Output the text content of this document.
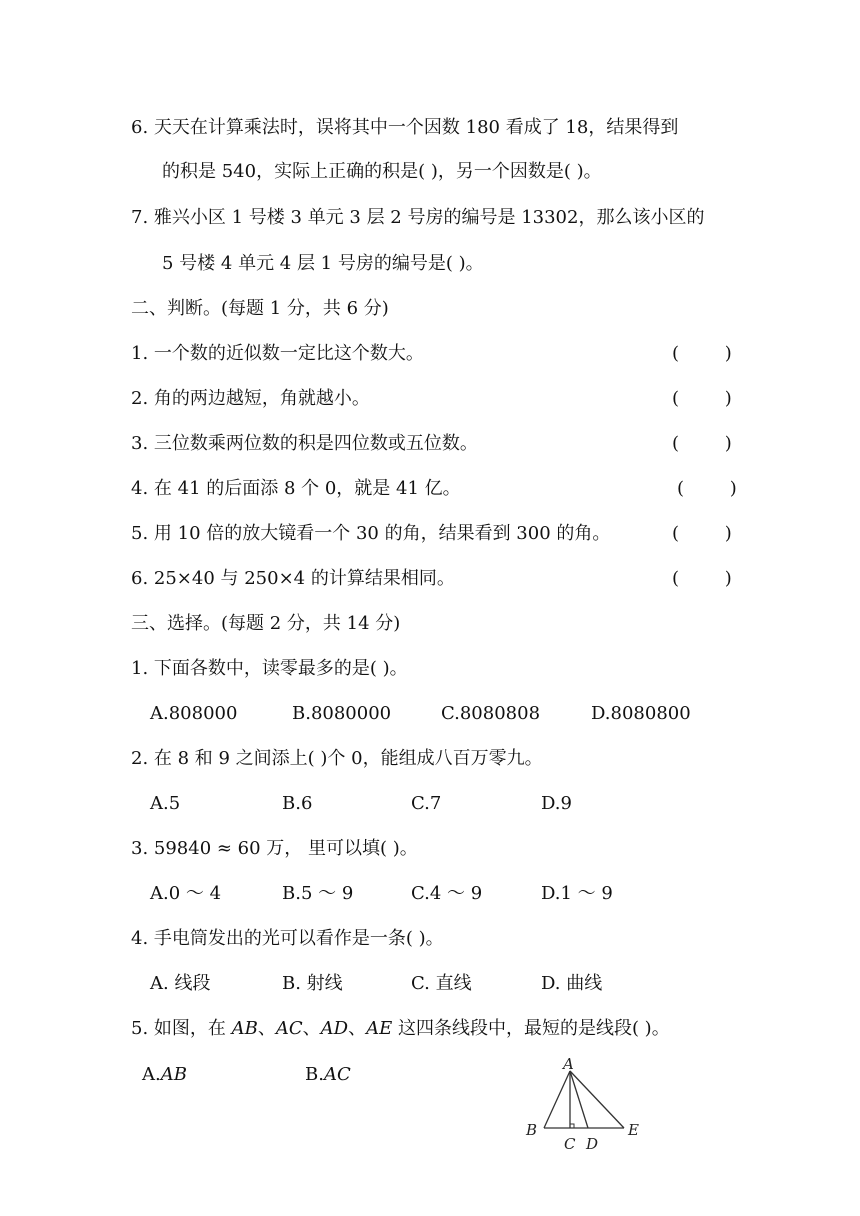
6. 天天在计算乘法时，误将其中一个因数 180 看成了 18，结果得到
的积是 540，实际上正确的积是( )，另一个因数是( )。
7. 雅兴小区 1 号楼 3 单元 3 层 2 号房的编号是 13302，那么该小区的
5 号楼 4 单元 4 层 1 号房的编号是( )。
二、判断。(每题 1 分，共 6 分)
1. 一个数的近似数一定比这个数大。	(        )
2. 角的两边越短，角就越小。	(        )
3. 三位数乘两位数的积是四位数或五位数。	(        )
4. 在 41 的后面添 8 个 0，就是 41 亿。	(        )
5. 用 10 倍的放大镜看一个 30 的角，结果看到 300 的角。	(        )
6. 25×40 与 250×4 的计算结果相同。	(        )
三、选择。(每题 2 分，共 14 分)
1. 下面各数中，读零最多的是( )。
A.808000	B.8080000	C.8080808	D.8080800
2. 在 8 和 9 之间添上( )个 0，能组成八百万零九。
A.5	B.6	C.7	D.9
3. 59840 ≈ 60 万， 里可以填( )。
A.0 ～ 4	B.5 ～ 9	C.4 ～ 9	D.1 ～ 9
4. 手电筒发出的光可以看作是一条( )。
A. 线段	B. 射线	C. 直线	D. 曲线
5. 如图，在 AB、AC、AD、AE 这四条线段中，最短的是线段( )。
A.AB	B.AC	A
B
C D
E
